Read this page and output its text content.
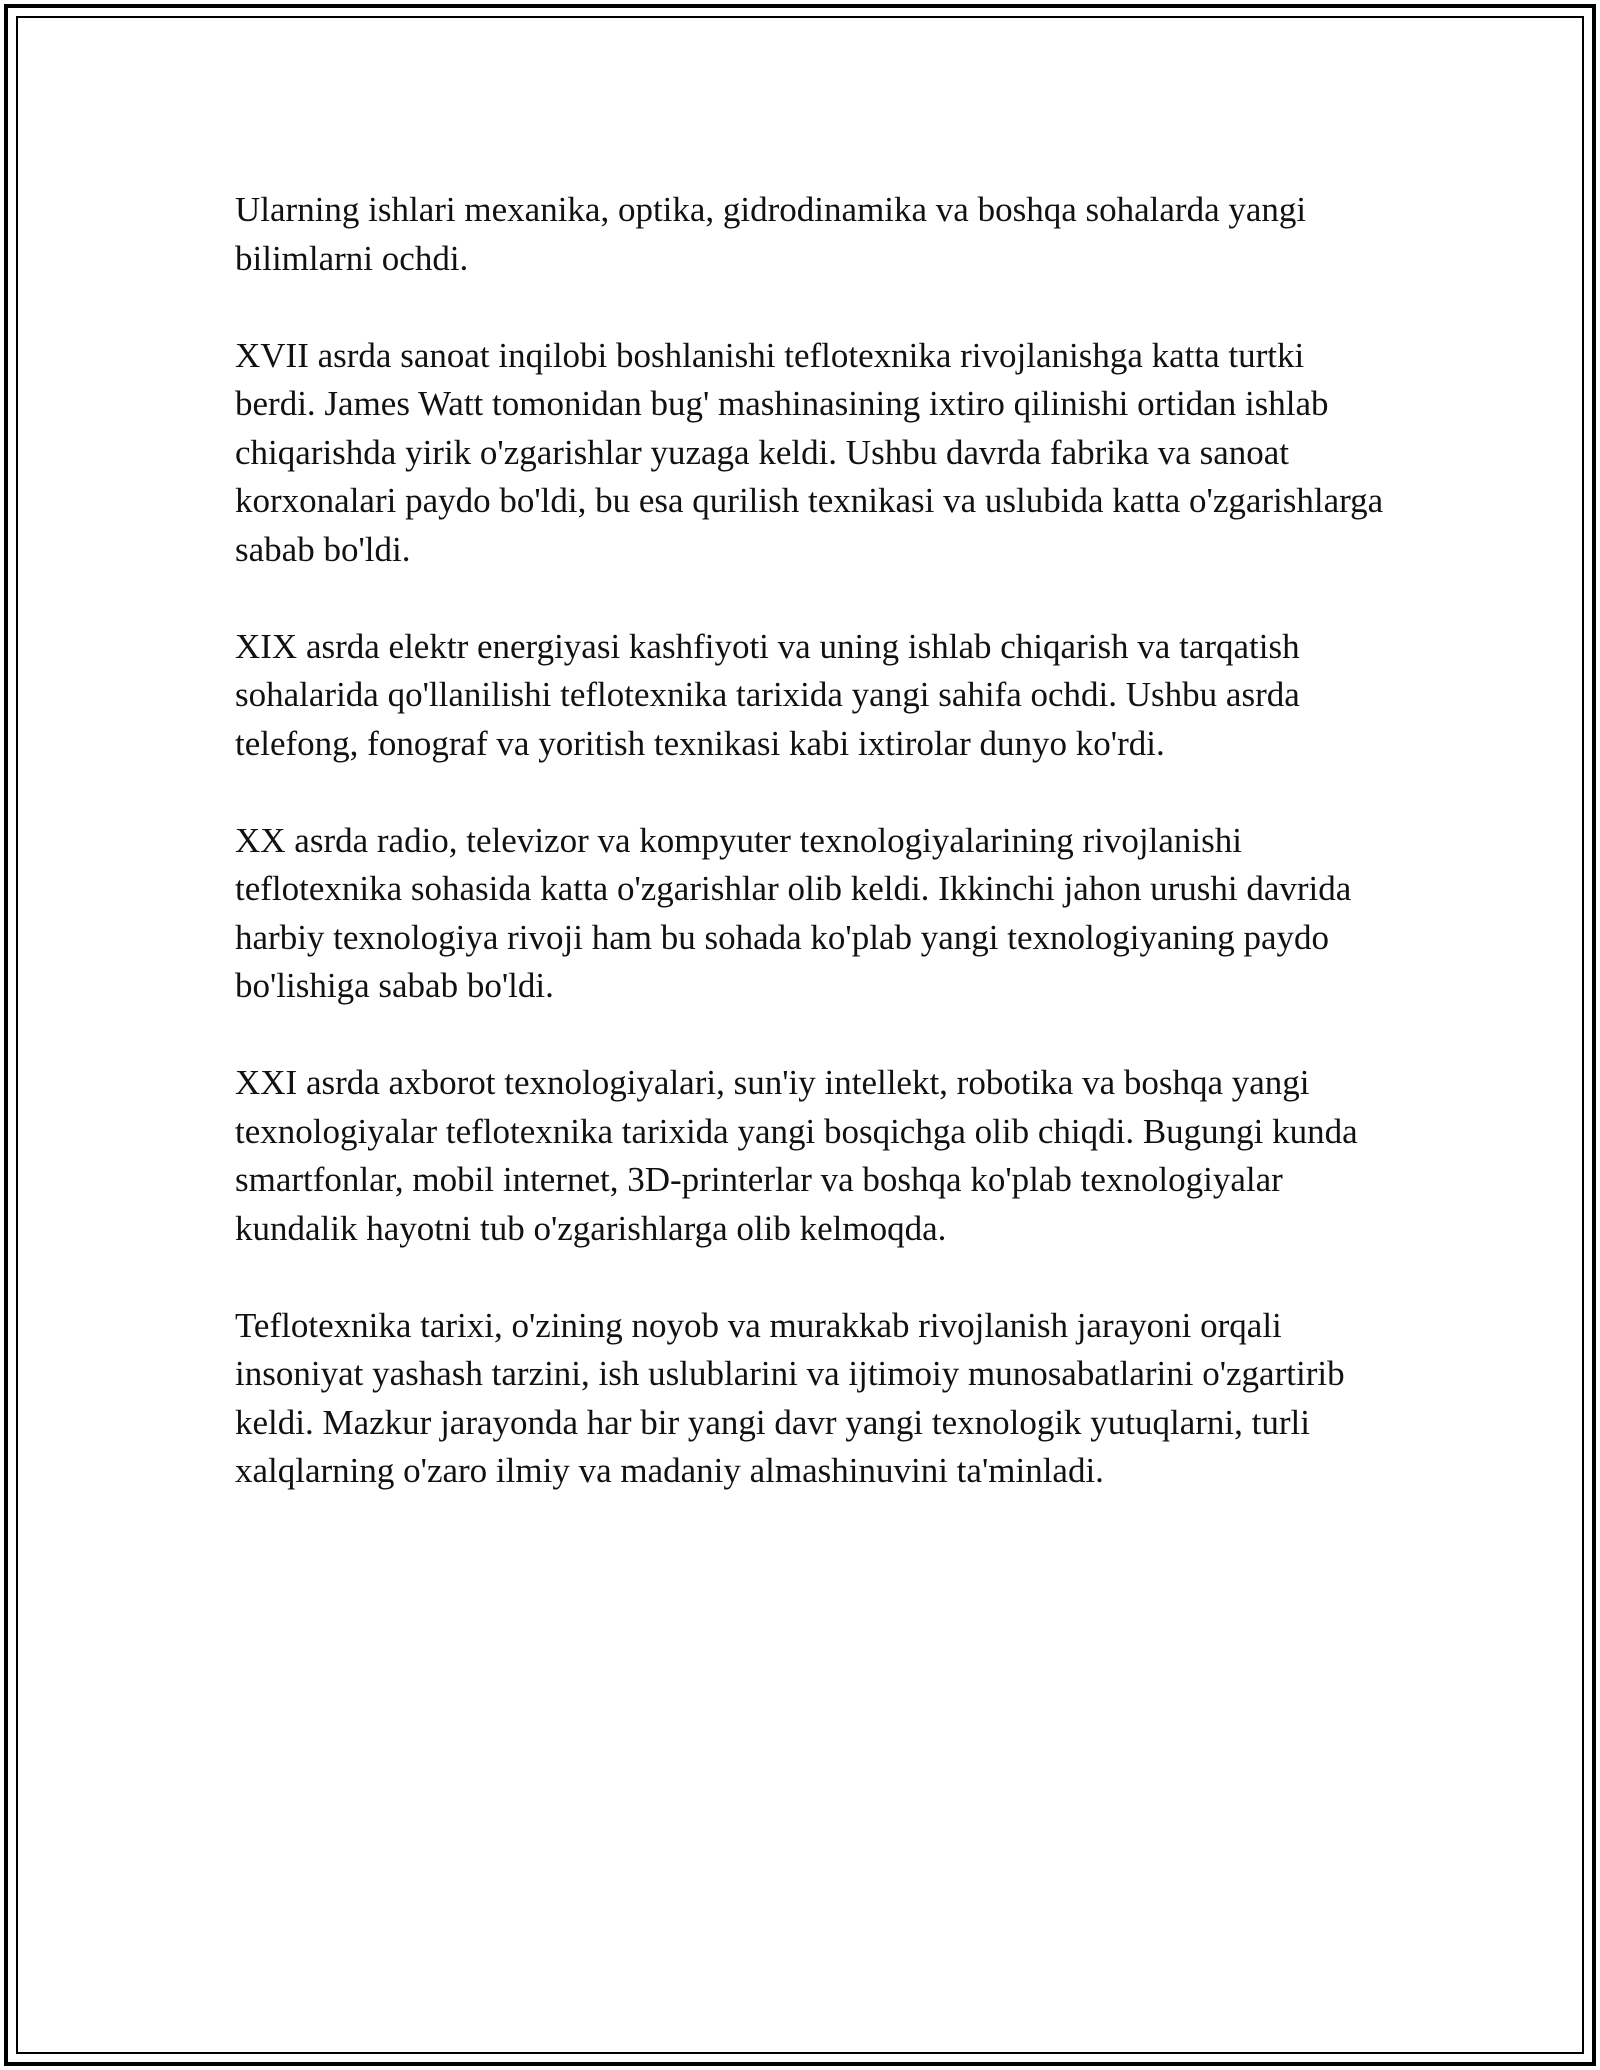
Ularning ishlari mexanika, optika, gidrodinamika va boshqa sohalarda yangi bilimlarni ochdi.

XVII asrda sanoat inqilobi boshlanishi teflotexnika rivojlanishga katta turtki berdi. James Watt tomonidan bug' mashinasining ixtiro qilinishi ortidan ishlab chiqarishda yirik o'zgarishlar yuzaga keldi. Ushbu davrda fabrika va sanoat korxonalari paydo bo'ldi, bu esa qurilish texnikasi va uslubida katta o'zgarishlarga sabab bo'ldi.

XIX asrda elektr energiyasi kashfiyoti va uning ishlab chiqarish va tarqatish sohalarida qo'llanilishi teflotexnika tarixida yangi sahifa ochdi. Ushbu asrda telefong, fonograf va yoritish texnikasi kabi ixtirolar dunyo ko'rdi.

XX asrda radio, televizor va kompyuter texnologiyalarining rivojlanishi teflotexnika sohasida katta o'zgarishlar olib keldi. Ikkinchi jahon urushi davrida harbiy texnologiya rivoji ham bu sohada ko'plab yangi texnologiyaning paydo bo'lishiga sabab bo'ldi.

XXI asrda axborot texnologiyalari, sun'iy intellekt, robotika va boshqa yangi texnologiyalar teflotexnika tarixida yangi bosqichga olib chiqdi. Bugungi kunda smartfonlar, mobil internet, 3D-printerlar va boshqa ko'plab texnologiyalar kundalik hayotni tub o'zgarishlarga olib kelmoqda.

Teflotexnika tarixi, o'zining noyob va murakkab rivojlanish jarayoni orqali insoniyat yashash tarzini, ish uslublarini va ijtimoiy munosabatlarini o'zgartirib keldi. Mazkur jarayonda har bir yangi davr yangi texnologik yutuqlarni, turli xalqlarning o'zaro ilmiy va madaniy almashinuvini ta'minladi.
